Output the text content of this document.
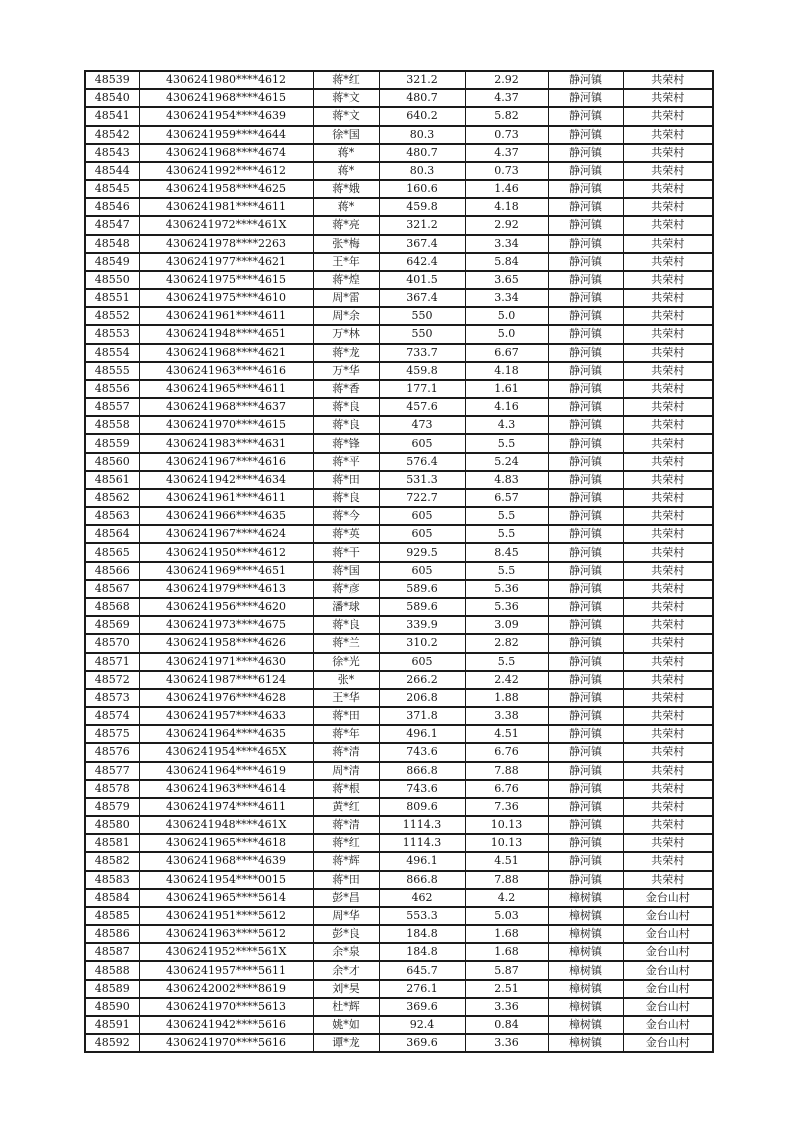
48539	4306241980****4612	蒋*红	321.2	2.92	静河镇	共荣村
48540	4306241968****4615	蒋*文	480.7	4.37	静河镇	共荣村
48541	4306241954****4639	蒋*文	640.2	5.82	静河镇	共荣村
48542	4306241959****4644	徐*国	80.3	0.73	静河镇	共荣村
48543	4306241968****4674	蒋*	480.7	4.37	静河镇	共荣村
48544	4306241992****4612	蒋*	80.3	0.73	静河镇	共荣村
48545	4306241958****4625	蒋*娥	160.6	1.46	静河镇	共荣村
48546	4306241981****4611	蒋*	459.8	4.18	静河镇	共荣村
48547	4306241972****461X	蒋*亮	321.2	2.92	静河镇	共荣村
48548	4306241978****2263	张*梅	367.4	3.34	静河镇	共荣村
48549	4306241977****4621	王*年	642.4	5.84	静河镇	共荣村
48550	4306241975****4615	蒋*煌	401.5	3.65	静河镇	共荣村
48551	4306241975****4610	周*雷	367.4	3.34	静河镇	共荣村
48552	4306241961****4611	周*余	550	5.0	静河镇	共荣村
48553	4306241948****4651	万*林	550	5.0	静河镇	共荣村
48554	4306241968****4621	蒋*龙	733.7	6.67	静河镇	共荣村
48555	4306241963****4616	万*华	459.8	4.18	静河镇	共荣村
48556	4306241965****4611	蒋*香	177.1	1.61	静河镇	共荣村
48557	4306241968****4637	蒋*良	457.6	4.16	静河镇	共荣村
48558	4306241970****4615	蒋*良	473	4.3	静河镇	共荣村
48559	4306241983****4631	蒋*锋	605	5.5	静河镇	共荣村
48560	4306241967****4616	蒋*平	576.4	5.24	静河镇	共荣村
48561	4306241942****4634	蒋*田	531.3	4.83	静河镇	共荣村
48562	4306241961****4611	蒋*良	722.7	6.57	静河镇	共荣村
48563	4306241966****4635	蒋*今	605	5.5	静河镇	共荣村
48564	4306241967****4624	蒋*英	605	5.5	静河镇	共荣村
48565	4306241950****4612	蒋*干	929.5	8.45	静河镇	共荣村
48566	4306241969****4651	蒋*国	605	5.5	静河镇	共荣村
48567	4306241979****4613	蒋*彦	589.6	5.36	静河镇	共荣村
48568	4306241956****4620	潘*球	589.6	5.36	静河镇	共荣村
48569	4306241973****4675	蒋*良	339.9	3.09	静河镇	共荣村
48570	4306241958****4626	蒋*兰	310.2	2.82	静河镇	共荣村
48571	4306241971****4630	徐*光	605	5.5	静河镇	共荣村
48572	4306241987****6124	张*	266.2	2.42	静河镇	共荣村
48573	4306241976****4628	王*华	206.8	1.88	静河镇	共荣村
48574	4306241957****4633	蒋*田	371.8	3.38	静河镇	共荣村
48575	4306241964****4635	蒋*年	496.1	4.51	静河镇	共荣村
48576	4306241954****465X	蒋*清	743.6	6.76	静河镇	共荣村
48577	4306241964****4619	周*清	866.8	7.88	静河镇	共荣村
48578	4306241963****4614	蒋*根	743.6	6.76	静河镇	共荣村
48579	4306241974****4611	黄*红	809.6	7.36	静河镇	共荣村
48580	4306241948****461X	蒋*清	1114.3	10.13	静河镇	共荣村
48581	4306241965****4618	蒋*红	1114.3	10.13	静河镇	共荣村
48582	4306241968****4639	蒋*辉	496.1	4.51	静河镇	共荣村
48583	4306241954****0015	蒋*田	866.8	7.88	静河镇	共荣村
48584	4306241965****5614	彭*昌	462	4.2	樟树镇	金台山村
48585	4306241951****5612	周*华	553.3	5.03	樟树镇	金台山村
48586	4306241963****5612	彭*良	184.8	1.68	樟树镇	金台山村
48587	4306241952****561X	余*泉	184.8	1.68	樟树镇	金台山村
48588	4306241957****5611	余*才	645.7	5.87	樟树镇	金台山村
48589	4306242002****8619	刘*昊	276.1	2.51	樟树镇	金台山村
48590	4306241970****5613	杜*辉	369.6	3.36	樟树镇	金台山村
48591	4306241942****5616	姚*如	92.4	0.84	樟树镇	金台山村
48592	4306241970****5616	谭*龙	369.6	3.36	樟树镇	金台山村
